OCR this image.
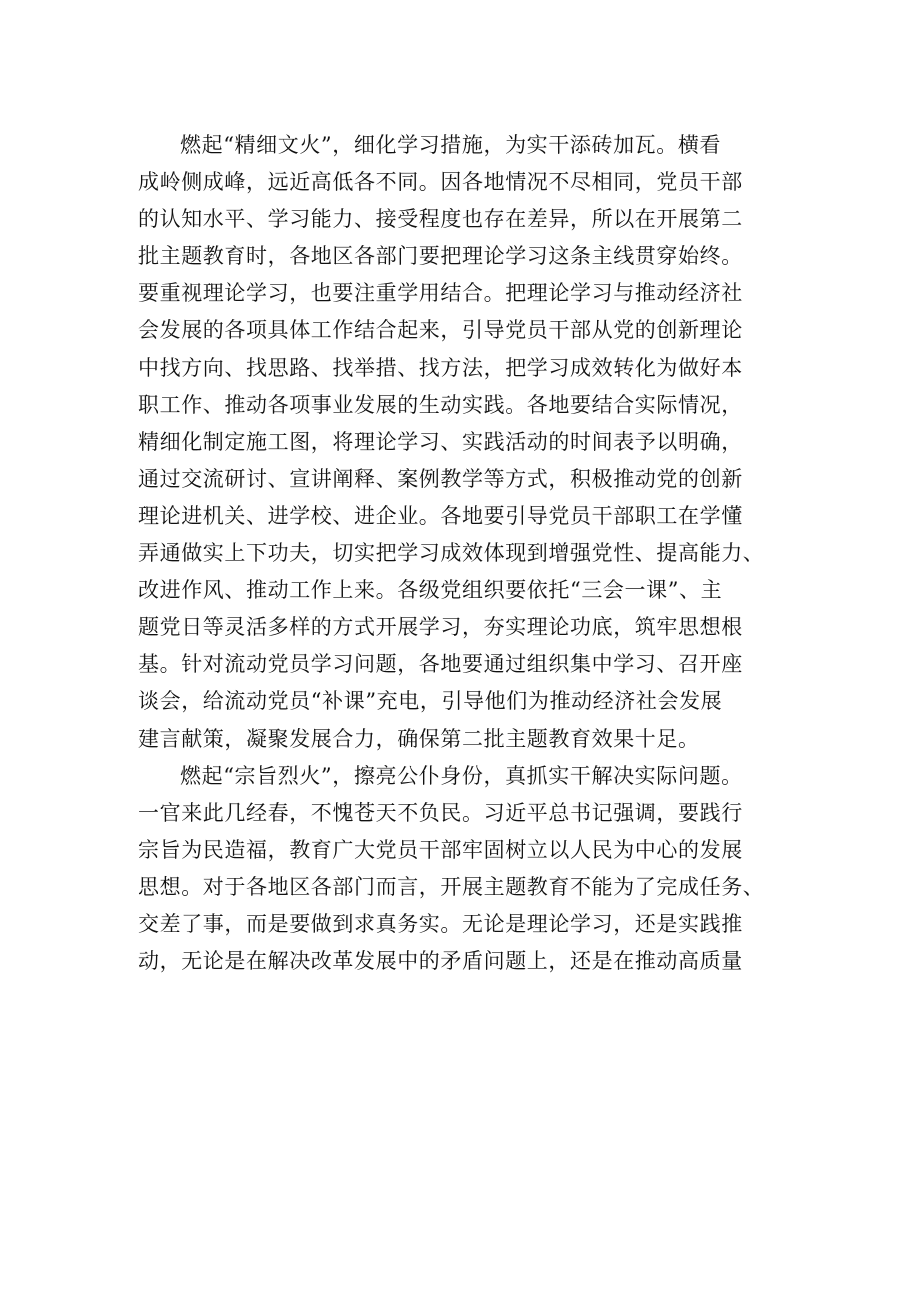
燃起“精细文火”，细化学习措施，为实干添砖加瓦。横看
成岭侧成峰，远近高低各不同。因各地情况不尽相同，党员干部
的认知水平、学习能力、接受程度也存在差异，所以在开展第二
批主题教育时，各地区各部门要把理论学习这条主线贯穿始终。
要重视理论学习，也要注重学用结合。把理论学习与推动经济社
会发展的各项具体工作结合起来，引导党员干部从党的创新理论
中找方向、找思路、找举措、找方法，把学习成效转化为做好本
职工作、推动各项事业发展的生动实践。各地要结合实际情况，
精细化制定施工图，将理论学习、实践活动的时间表予以明确，
通过交流研讨、宣讲阐释、案例教学等方式，积极推动党的创新
理论进机关、进学校、进企业。各地要引导党员干部职工在学懂
弄通做实上下功夫，切实把学习成效体现到增强党性、提高能力、
改进作风、推动工作上来。各级党组织要依托“三会一课”、主
题党日等灵活多样的方式开展学习，夯实理论功底，筑牢思想根
基。针对流动党员学习问题，各地要通过组织集中学习、召开座
谈会，给流动党员“补课”充电，引导他们为推动经济社会发展
建言献策，凝聚发展合力，确保第二批主题教育效果十足。
燃起“宗旨烈火”，擦亮公仆身份，真抓实干解决实际问题。
一官来此几经春，不愧苍天不负民。习近平总书记强调，要践行
宗旨为民造福，教育广大党员干部牢固树立以人民为中心的发展
思想。对于各地区各部门而言，开展主题教育不能为了完成任务、
交差了事，而是要做到求真务实。无论是理论学习，还是实践推
动，无论是在解决改革发展中的矛盾问题上，还是在推动高质量
